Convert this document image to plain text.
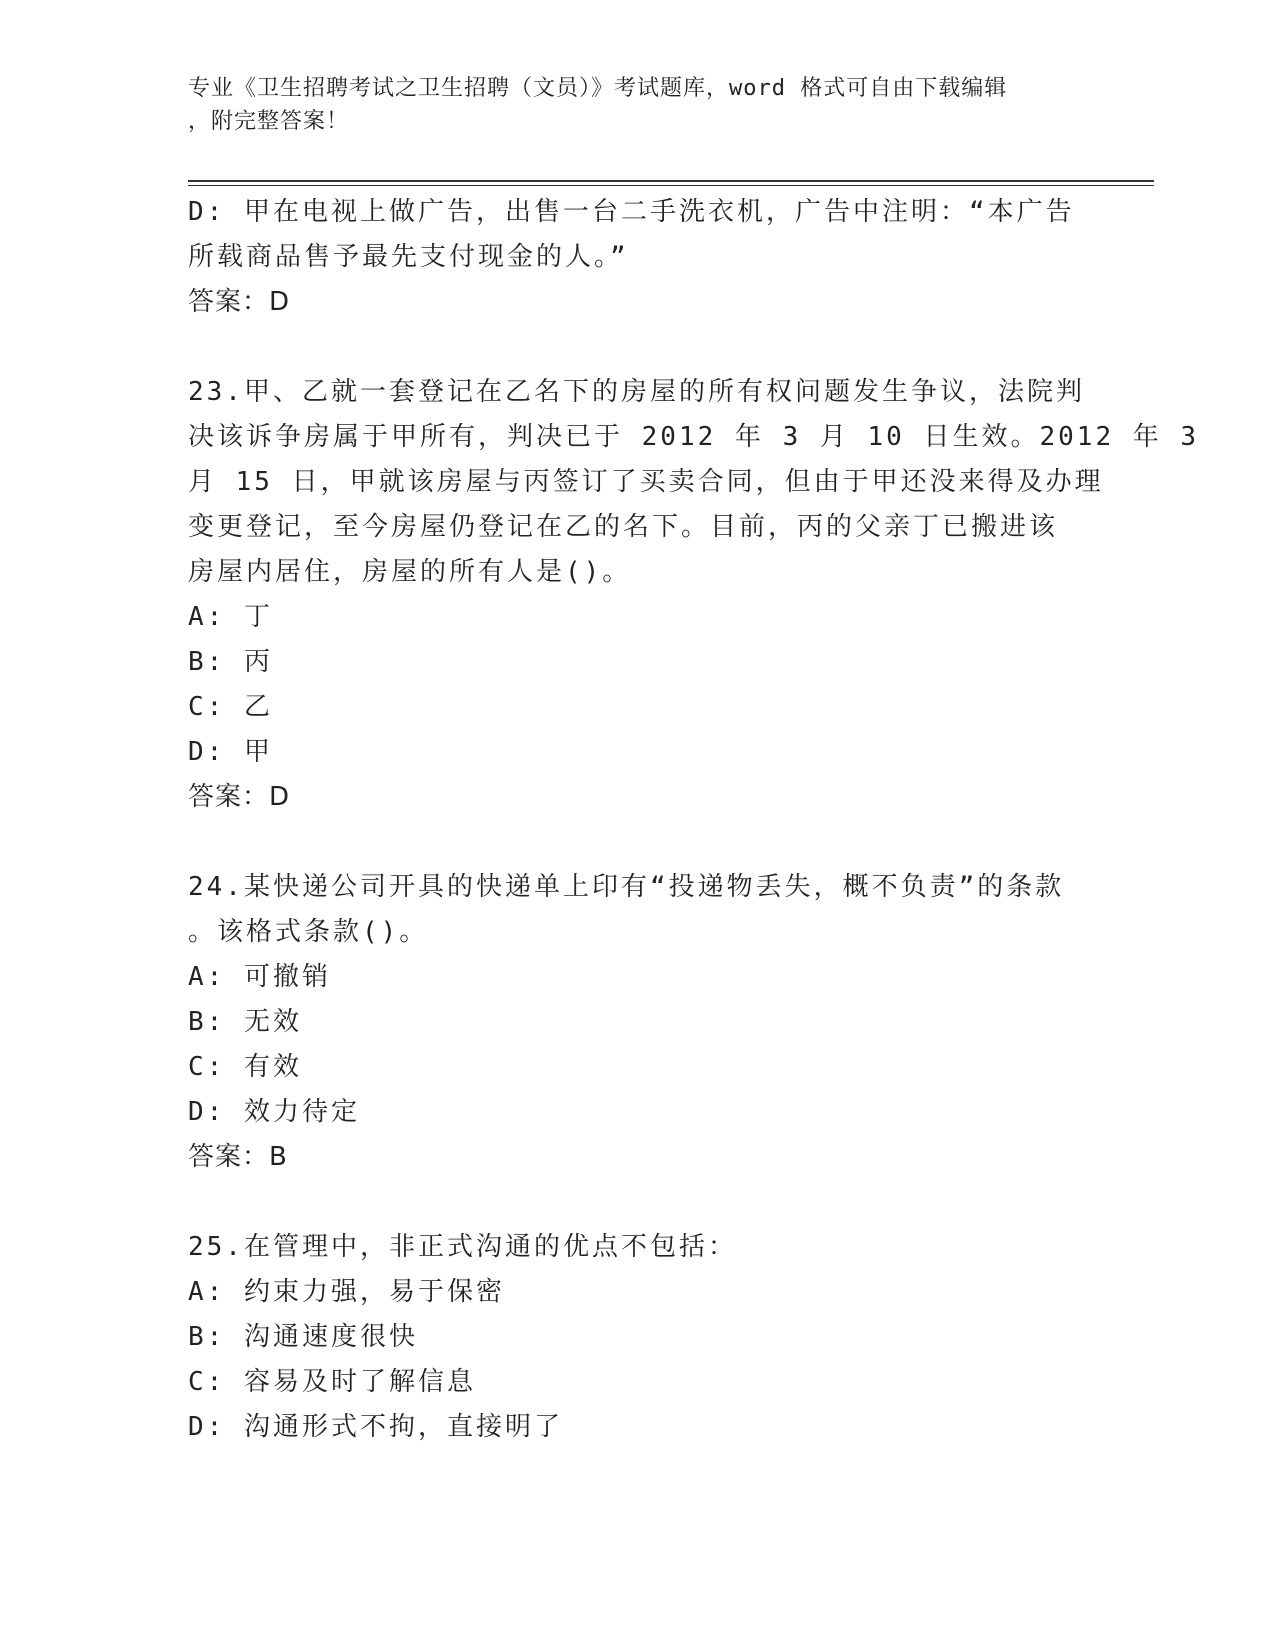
专业《卫生招聘考试之卫生招聘（文员）》考试题库，word 格式可自由下载编辑
，附完整答案！
D: 甲在电视上做广告，出售一台二手洗衣机，广告中注明：“本广告
所载商品售予最先支付现金的人。”
答案：D
23.甲、乙就一套登记在乙名下的房屋的所有权问题发生争议，法院判
决该诉争房属于甲所有，判决已于 2012 年 3 月 10 日生效。2012 年 3
月 15 日，甲就该房屋与丙签订了买卖合同，但由于甲还没来得及办理
变更登记，至今房屋仍登记在乙的名下。目前，丙的父亲丁已搬进该
房屋内居住，房屋的所有人是()。
A: 丁
B: 丙
C: 乙
D: 甲
答案：D
24.某快递公司开具的快递单上印有“投递物丢失，概不负责”的条款
。该格式条款()。
A: 可撤销
B: 无效
C: 有效
D: 效力待定
答案：B
25.在管理中，非正式沟通的优点不包括：
A: 约束力强，易于保密
B: 沟通速度很快
C: 容易及时了解信息
D: 沟通形式不拘，直接明了
